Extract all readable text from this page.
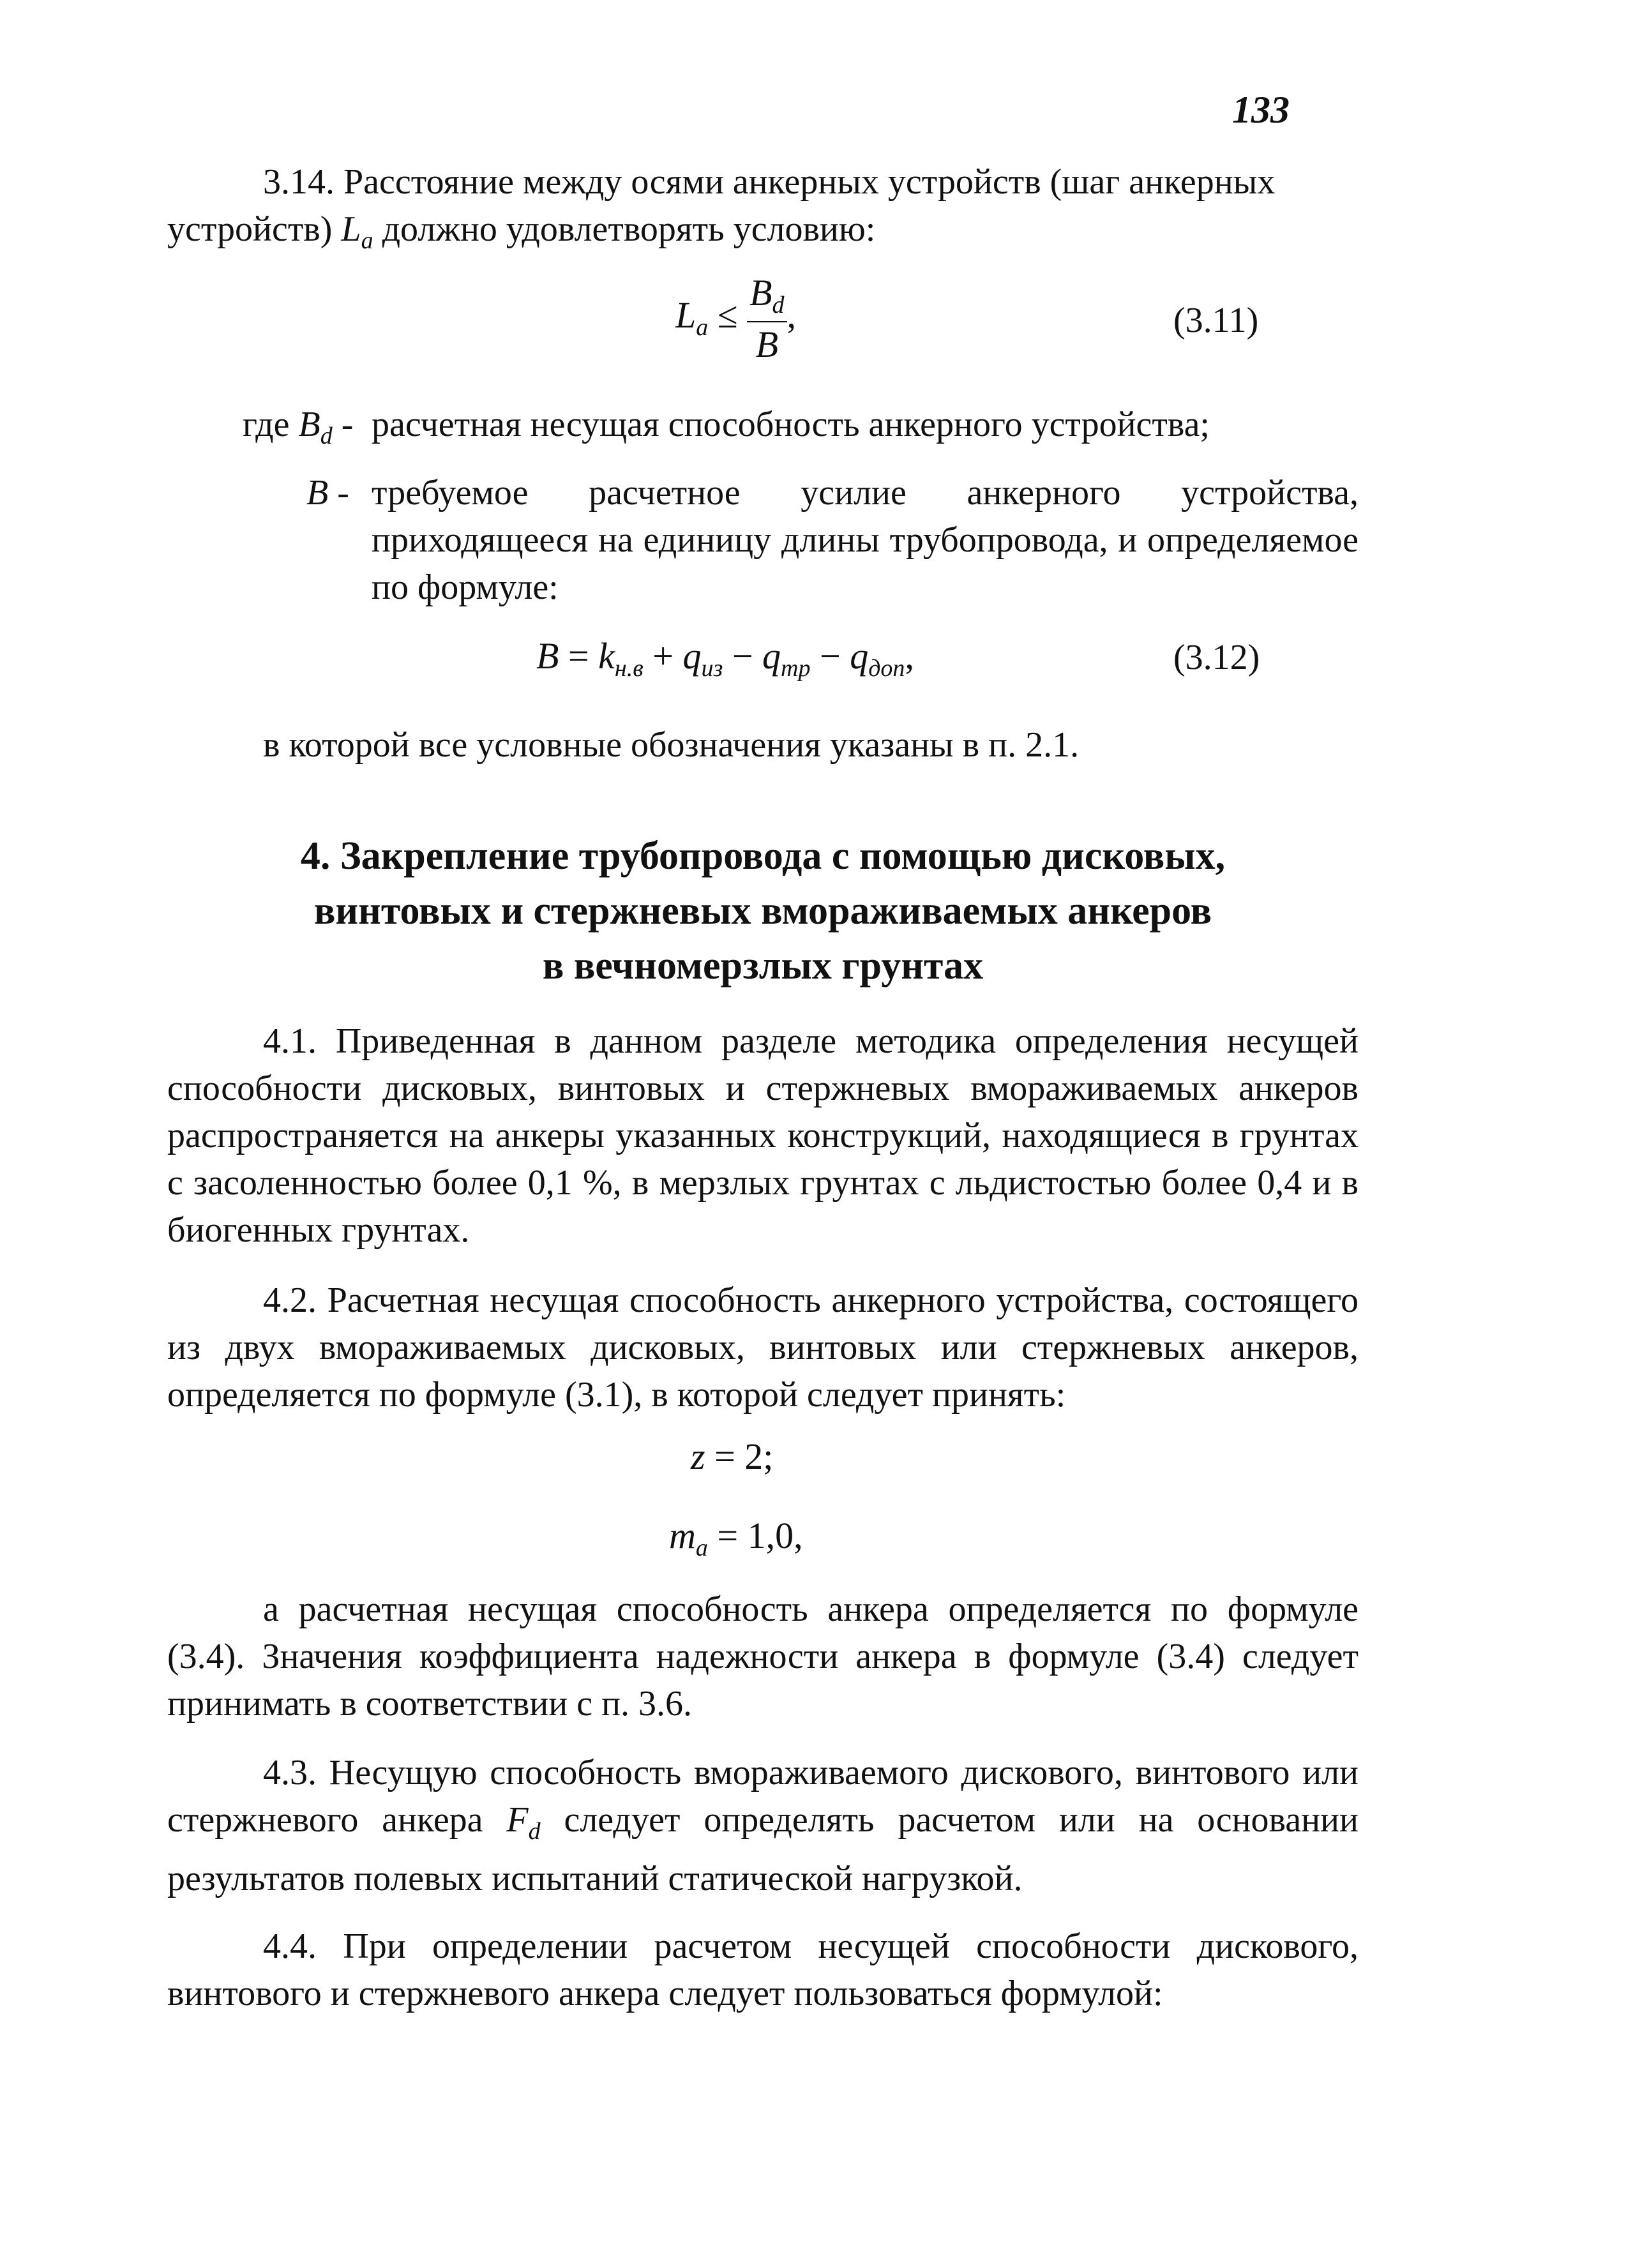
133
3.14. Расстояние между осями анкерных устройств (шаг анкерных
устройств) $L_a$ должно удовлетворять условию:
$L_a \le \frac{B_d}{B}$ ,	(3.11)
где $B_d$ - расчетная несущая способность анкерного устройства;
B - требуемое расчетное усилие анкерного устройства, приходящееся на единицу длины трубопровода, и определяемое по формуле:
$B = k_{н.в} + q_{из} - q_{тр} - q_{доп}$,	(3.12)
в которой все условные обозначения указаны в п. 2.1.
4. Закрепление трубопровода с помощью дисковых,
винтовых и стержневых вмораживаемых анкеров
в вечномерзлых грунтах
4.1. Приведенная в данном разделе методика определения несущей способности дисковых, винтовых и стержневых вмораживаемых анкеров распространяется на анкеры указанных конструкций, находящиеся в грунтах с засоленностью более 0,1 %, в мерзлых грунтах с льдистостью более 0,4 и в биогенных грунтах.
4.2. Расчетная несущая способность анкерного устройства, состоящего из двух вмораживаемых дисковых, винтовых или стержневых анкеров, определяется по формуле (3.1), в которой следует принять:
z = 2;
$m_a = 1,0$,
а расчетная несущая способность анкера определяется по формуле (3.4). Значения коэффициента надежности анкера в формуле (3.4) следует принимать в соответствии с п. 3.6.
4.3. Несущую способность вмораживаемого дискового, винтового или стержневого анкера $F_d$ следует определять расчетом или на основании результатов полевых испытаний статической нагрузкой.
4.4. При определении расчетом несущей способности дискового, винтового и стержневого анкера следует пользоваться формулой:
